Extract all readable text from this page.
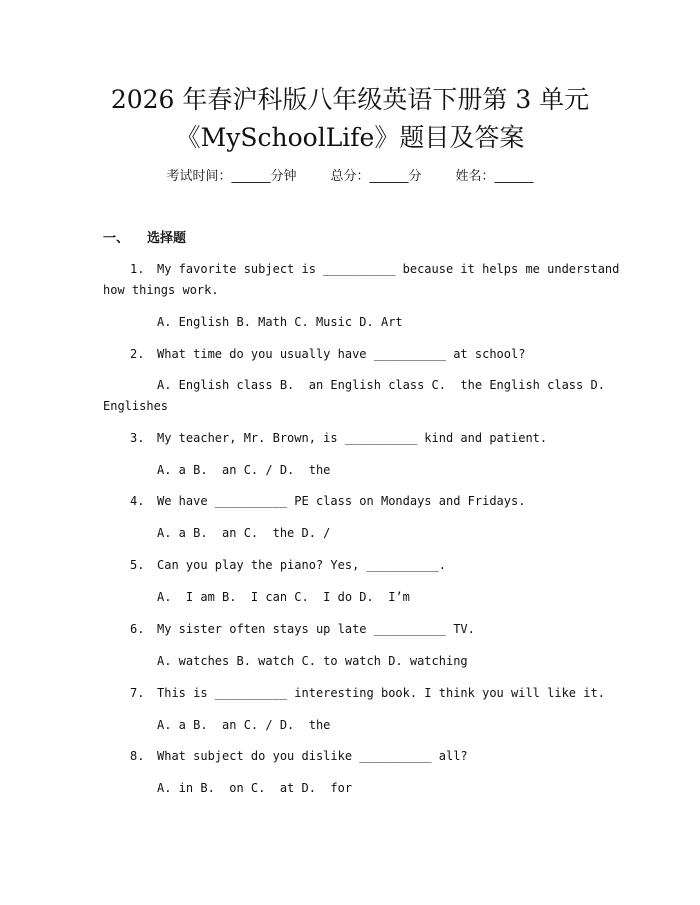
2026 年春沪科版八年级英语下册第 3 单元
《MySchoolLife》题目及答案
考试时间：______分钟	总分：______分	姓名：______
一、 选择题
1. My favorite subject is __________ because it helps me understand
how things work.
A. English B. Math C. Music D. Art
2. What time do you usually have __________ at school?
A. English class B.  an English class C.  the English class D.
Englishes
3. My teacher, Mr. Brown, is __________ kind and patient.
A. a B.  an C. / D.  the
4. We have __________ PE class on Mondays and Fridays.
A. a B.  an C.  the D. /
5. Can you play the piano? Yes, __________.
A.  I am B.  I can C.  I do D.  I’m
6. My sister often stays up late __________ TV.
A. watches B. watch C. to watch D. watching
7. This is __________ interesting book. I think you will like it.
A. a B.  an C. / D.  the
8. What subject do you dislike __________ all?
A. in B.  on C.  at D.  for
